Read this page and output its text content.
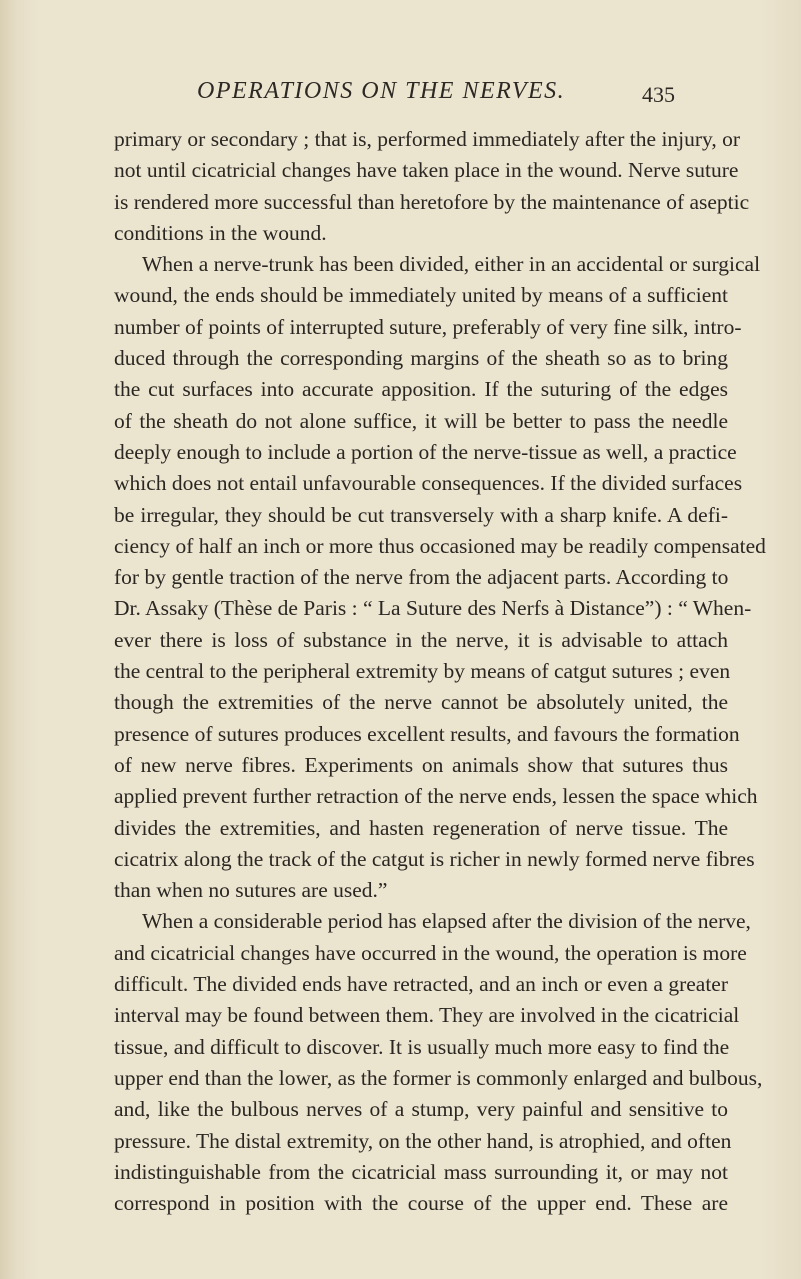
OPERATIONS ON THE NERVES.	435
primary or secondary ; that is, performed immediately after the injury, or
not until cicatricial changes have taken place in the wound. Nerve suture
is rendered more successful than heretofore by the maintenance of aseptic
conditions in the wound.
When a nerve-trunk has been divided, either in an accidental or surgical
wound, the ends should be immediately united by means of a sufficient
number of points of interrupted suture, preferably of very fine silk, intro-
duced through the corresponding margins of the sheath so as to bring
the cut surfaces into accurate apposition. If the suturing of the edges
of the sheath do not alone suffice, it will be better to pass the needle
deeply enough to include a portion of the nerve-tissue as well, a practice
which does not entail unfavourable consequences. If the divided surfaces
be irregular, they should be cut transversely with a sharp knife. A defi-
ciency of half an inch or more thus occasioned may be readily compensated
for by gentle traction of the nerve from the adjacent parts. According to
Dr. Assaky (Thèse de Paris : “ La Suture des Nerfs à Distance”) : “ When-
ever there is loss of substance in the nerve, it is advisable to attach
the central to the peripheral extremity by means of catgut sutures ; even
though the extremities of the nerve cannot be absolutely united, the
presence of sutures produces excellent results, and favours the formation
of new nerve fibres. Experiments on animals show that sutures thus
applied prevent further retraction of the nerve ends, lessen the space which
divides the extremities, and hasten regeneration of nerve tissue. The
cicatrix along the track of the catgut is richer in newly formed nerve fibres
than when no sutures are used.”
When a considerable period has elapsed after the division of the nerve,
and cicatricial changes have occurred in the wound, the operation is more
difficult. The divided ends have retracted, and an inch or even a greater
interval may be found between them. They are involved in the cicatricial
tissue, and difficult to discover. It is usually much more easy to find the
upper end than the lower, as the former is commonly enlarged and bulbous,
and, like the bulbous nerves of a stump, very painful and sensitive to
pressure. The distal extremity, on the other hand, is atrophied, and often
indistinguishable from the cicatricial mass surrounding it, or may not
correspond in position with the course of the upper end. These are
